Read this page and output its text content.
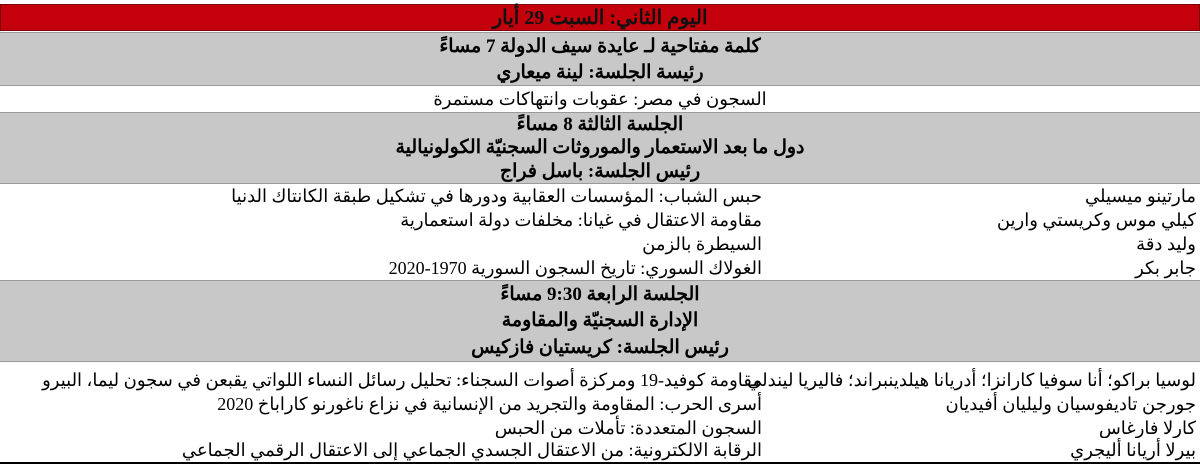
اليوم الثاني: السبت 29 أيار
كلمة مفتاحية لـ عايدة سيف الدولة 7 مساءً
رئيسة الجلسة: لينة ميعاري
السجون في مصر: عقوبات وانتهاكات مستمرة
الجلسة الثالثة 8 مساءً
دول ما بعد الاستعمار والموروثات السجنيّة الكولونيالية
رئيس الجلسة: باسل فراج
مارتينو ميسيلي
حبس الشباب: المؤسسات العقابية ودورها في تشكيل طبقة الكانتاك الدنيا
كيلي موس وكريستي وارين
مقاومة الاعتقال في غيانا: مخلفات دولة استعمارية
وليد دقة
السيطرة بالزمن
جابر بكر
الغولاك السوري: تاريخ السجون السورية 1970-2020
الجلسة الرابعة 9:30 مساءً
الإدارة السجنيّة والمقاومة
رئيس الجلسة: كريستيان فازكيس
لوسيا براكو؛ أنا سوفيا كارانزا؛ أدريانا هيلدينبراند؛ فاليريا ليندلي
مقاومة كوفيد-19 ومركزة أصوات السجناء: تحليل رسائل النساء اللواتي يقبعن في سجون ليما، البيرو
جورجن تاديفوسيان وليليان أفيديان
أسرى الحرب: المقاومة والتجريد من الإنسانية في نزاع ناغورنو كاراباخ 2020
كارلا فارغاس
السجون المتعددة: تأملات من الحبس
بيرلا أريانا أليجري
الرقابة الالكترونية: من الاعتقال الجسدي الجماعي إلى الاعتقال الرقمي الجماعي
